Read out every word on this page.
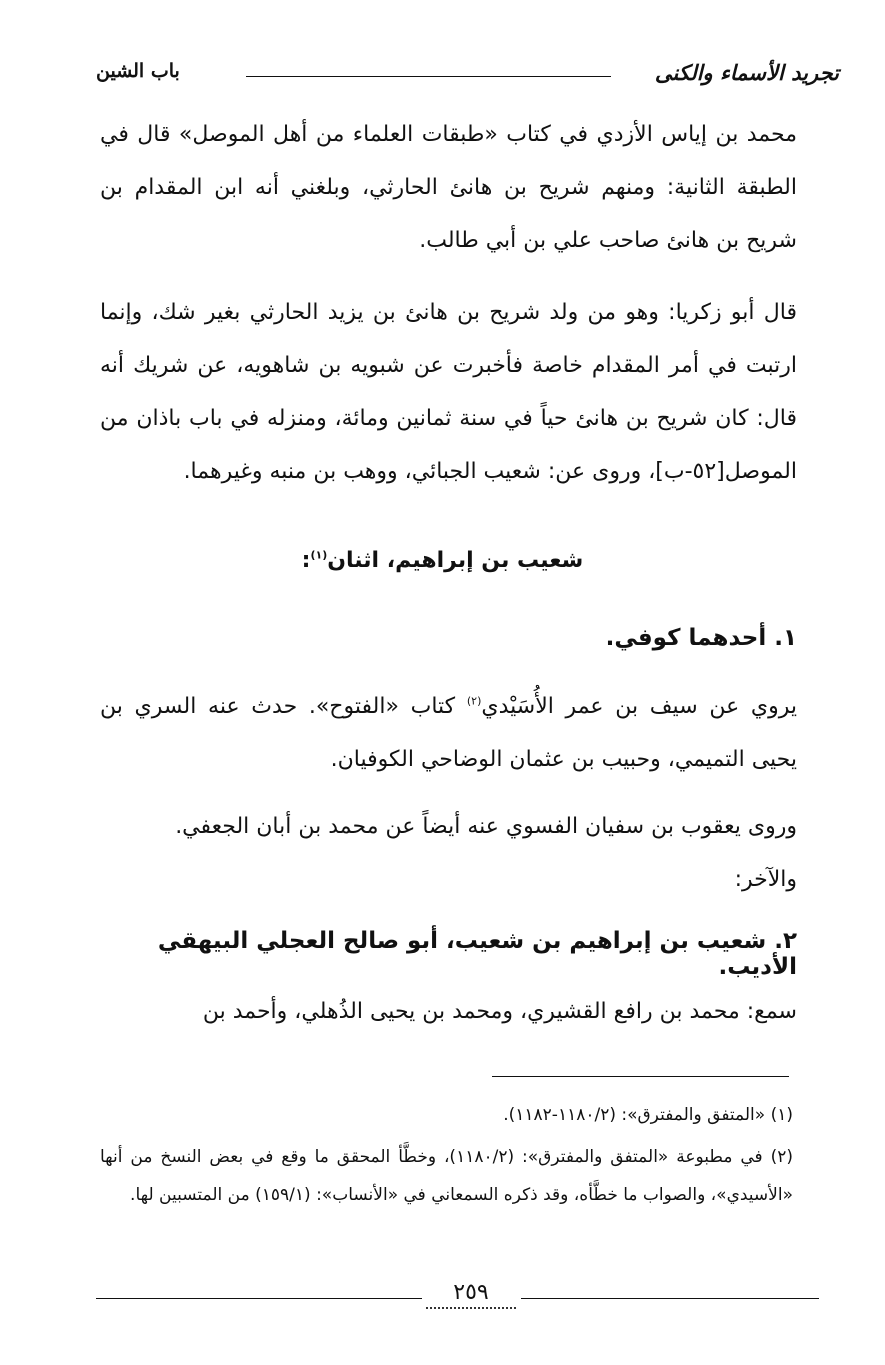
تجريد الأسماء والكنى
باب الشين
محمد بن إياس الأزدي في كتاب «طبقات العلماء من أهل الموصل» قال في الطبقة الثانية: ومنهم شريح بن هانئ الحارثي، وبلغني أنه ابن المقدام بن شريح بن هانئ صاحب علي بن أبي طالب.
قال أبو زكريا: وهو من ولد شريح بن هانئ بن يزيد الحارثي بغير شك، وإنما ارتبت في أمر المقدام خاصة فأخبرت عن شبويه بن شاهويه، عن شريك أنه قال: كان شريح بن هانئ حياً في سنة ثمانين ومائة، ومنزله في باب باذان من الموصل[٥٢-ب]، وروى عن: شعيب الجبائي، ووهب بن منبه وغيرهما.
شعيب بن إبراهيم، اثنان$^{(١)}$:
١. أحدهما كوفي.
يروي عن سيف بن عمر الأُسَيْدي$^{(٢)}$ كتاب «الفتوح». حدث عنه السري بن يحيى التميمي، وحبيب بن عثمان الوضاحي الكوفيان.
وروى يعقوب بن سفيان الفسوي عنه أيضاً عن محمد بن أبان الجعفي.
والآخر:
٢. شعيب بن إبراهيم بن شعيب، أبو صالح العجلي البيهقي الأديب.
سمع: محمد بن رافع القشيري، ومحمد بن يحيى الذُهلي، وأحمد بن
(١) «المتفق والمفترق»: (١١٨٠/٢-١١٨٢).
(٢) في مطبوعة «المتفق والمفترق»: (١١٨٠/٢)، وخطَّأ المحقق ما وقع في بعض النسخ من أنها «الأسيدي»، والصواب ما خطَّأه، وقد ذكره السمعاني في «الأنساب»: (١٥٩/١) من المتسبين لها.
٢٥٩
